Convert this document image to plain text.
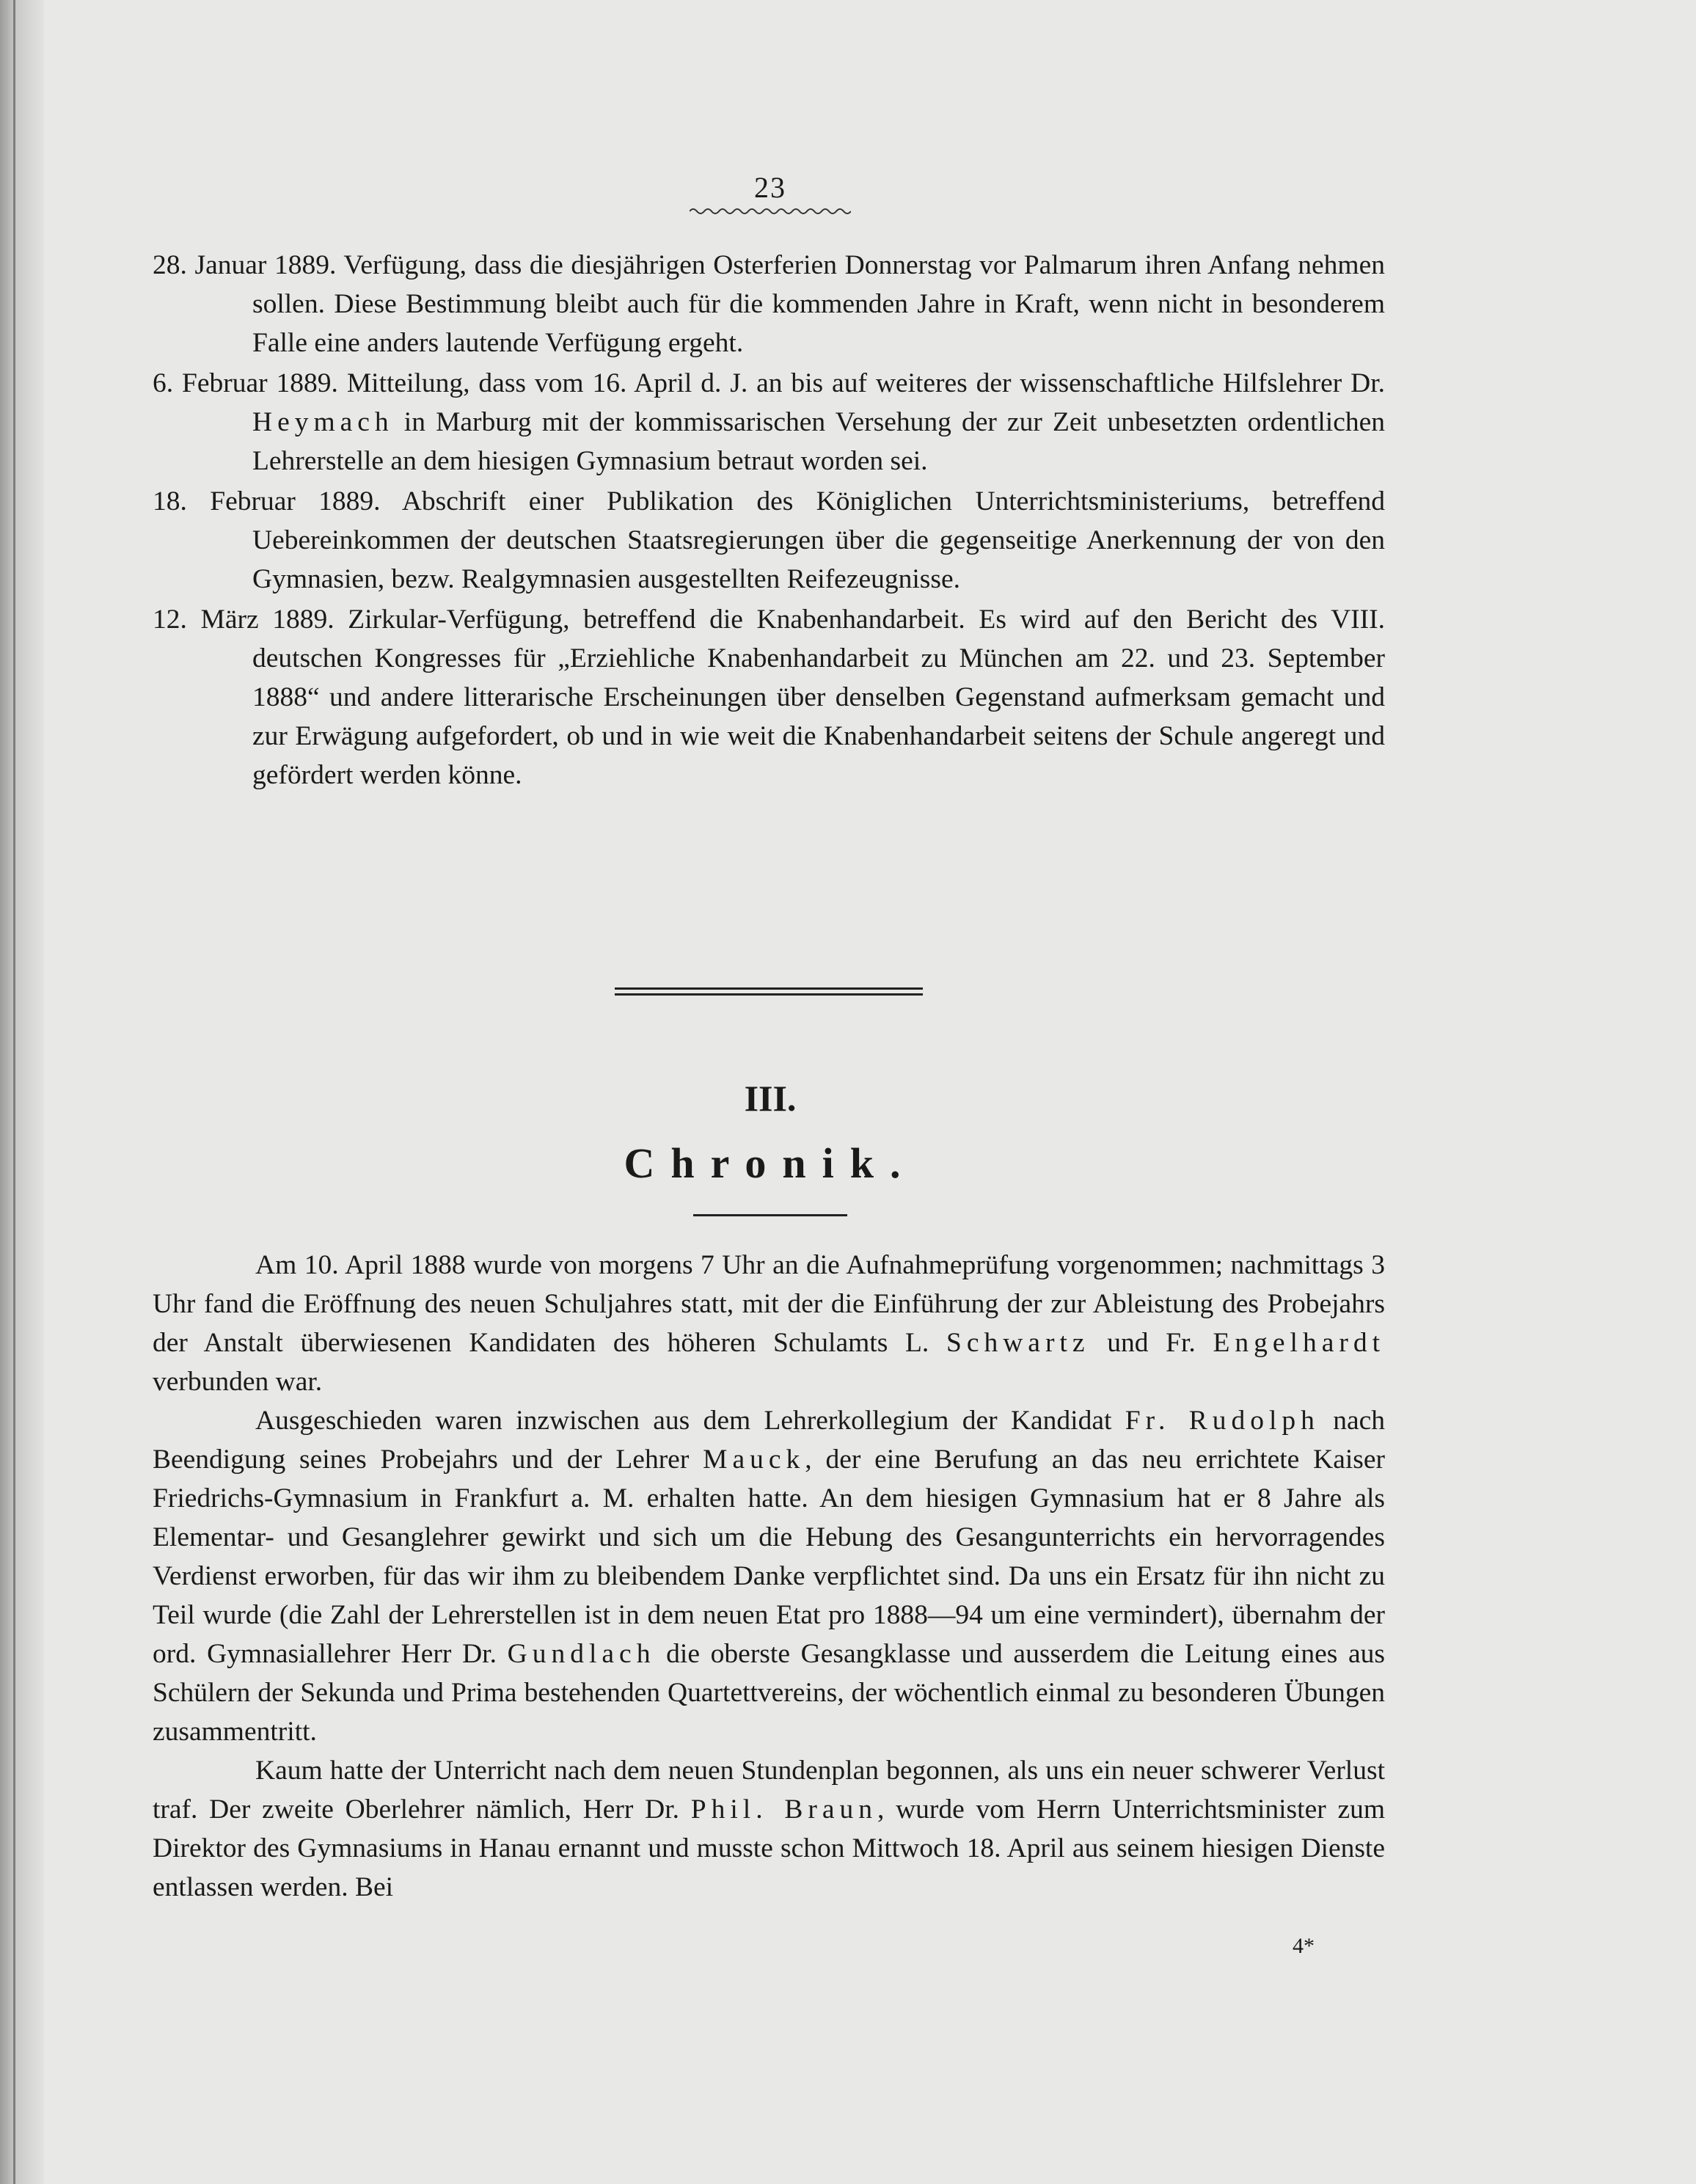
23

28. Januar 1889. Verfügung, dass die diesjährigen Osterferien Donnerstag vor Palmarum ihren Anfang nehmen sollen. Diese Bestimmung bleibt auch für die kommenden Jahre in Kraft, wenn nicht in besonderem Falle eine anders lautende Verfügung ergeht.

6. Februar 1889. Mitteilung, dass vom 16. April d. J. an bis auf weiteres der wissenschaftliche Hilfslehrer Dr. Heymach in Marburg mit der kommissarischen Versehung der zur Zeit unbesetzten ordentlichen Lehrerstelle an dem hiesigen Gymnasium betraut worden sei.

18. Februar 1889. Abschrift einer Publikation des Königlichen Unterrichtsministeriums, betreffend Uebereinkommen der deutschen Staatsregierungen über die gegenseitige Anerkennung der von den Gymnasien, bezw. Realgymnasien ausgestellten Reifezeugnisse.

12. März 1889. Zirkular-Verfügung, betreffend die Knabenhandarbeit. Es wird auf den Bericht des VIII. deutschen Kongresses für „Erziehliche Knabenhandarbeit zu München am 22. und 23. September 1888“ und andere litterarische Erscheinungen über denselben Gegenstand aufmerksam gemacht und zur Erwägung aufgefordert, ob und in wie weit die Knabenhandarbeit seitens der Schule angeregt und gefördert werden könne.

III.
Chronik.

Am 10. April 1888 wurde von morgens 7 Uhr an die Aufnahmeprüfung vorgenommen; nachmittags 3 Uhr fand die Eröffnung des neuen Schuljahres statt, mit der die Einführung der zur Ableistung des Probejahrs der Anstalt überwiesenen Kandidaten des höheren Schulamts L. Schwartz und Fr. Engelhardt verbunden war.

Ausgeschieden waren inzwischen aus dem Lehrerkollegium der Kandidat Fr. Rudolph nach Beendigung seines Probejahrs und der Lehrer Mauck, der eine Berufung an das neu errichtete Kaiser Friedrichs-Gymnasium in Frankfurt a. M. erhalten hatte. An dem hiesigen Gymnasium hat er 8 Jahre als Elementar- und Gesanglehrer gewirkt und sich um die Hebung des Gesangunterrichts ein hervorragendes Verdienst erworben, für das wir ihm zu bleibendem Danke verpflichtet sind. Da uns ein Ersatz für ihn nicht zu Teil wurde (die Zahl der Lehrerstellen ist in dem neuen Etat pro 1888—94 um eine vermindert), übernahm der ord. Gymnasiallehrer Herr Dr. Gundlach die oberste Gesangklasse und ausserdem die Leitung eines aus Schülern der Sekunda und Prima bestehenden Quartettvereins, der wöchentlich einmal zu besonderen Übungen zusammentritt.

Kaum hatte der Unterricht nach dem neuen Stundenplan begonnen, als uns ein neuer schwerer Verlust traf. Der zweite Oberlehrer nämlich, Herr Dr. Phil. Braun, wurde vom Herrn Unterrichtsminister zum Direktor des Gymnasiums in Hanau ernannt und musste schon Mittwoch 18. April aus seinem hiesigen Dienste entlassen werden. Bei

4*
